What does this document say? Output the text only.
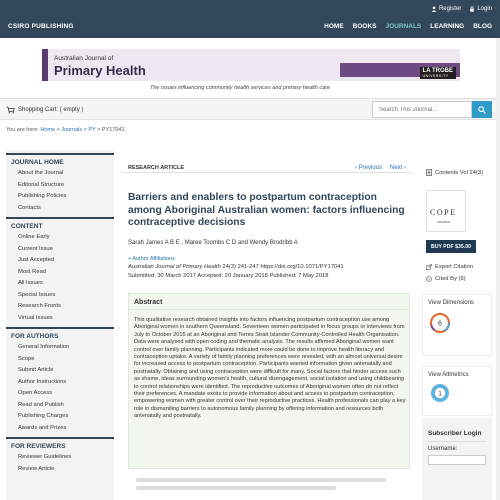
CSIRO PUBLISHING
Register	Login
HOME BOOKS JOURNALS LEARNING BLOG
Australian Journal of
Primary Health	LA TROBE
UNIVERSITY
The issues influencing community health services and primary health care
Shopping Cart: ( empty )
Search This Journal...
You are here: Home > Journals > PY > PY17041
JOURNAL HOME
About the Journal
Editorial Structure
Publishing Policies
Contacts
CONTENT
Online Early
Current Issue
Just Accepted
Most Read
All Issues
Special Issues
Research Fronts
Virtual Issues
FOR AUTHORS
General Information
Scope
Submit Article
Author Instructions
Open Access
Read and Publish
Publishing Charges
Awards and Prizes
FOR REVIEWERS
Reviewer Guidelines
Review Article
RESEARCH ARTICLE	‹ Previous Next ›
Contents Vol 24(3)
Barriers and enablers to postpartum contraception among Aboriginal Australian women: factors influencing contraceptive decisions
Sarah James A B E , Maree Toombs C D and Wendy Brodribb A
+ Author Affiliations
Australian Journal of Primary Health 24(3) 241-247 https://doi.org/10.1071/PY17041
Submitted: 30 March 2017 Accepted: 20 January 2018 Published: 7 May 2018
Abstract
This qualitative research obtained insights into factors influencing postpartum contraception use among Aboriginal women in southern Queensland. Seventeen women participated in focus groups or interviews from July to October 2015 at an Aboriginal and Torres Strait Islander Community-Controlled Health Organisation. Data were analysed with open coding and thematic analysis. The results affirmed Aboriginal women want control over family planning. Participants indicated more could be done to improve health literacy and contraception uptake. A variety of family planning preferences were revealed, with an almost universal desire for increased access to postpartum contraception. Participants wanted information given antenatally and postnatally. Obtaining and using contraception were difficult for many. Social factors that hinder access such as shame, ideas surrounding women's health, cultural disengagement, social isolation and using childbearing to control relationships were identified. The reproductive outcomes of Aboriginal women often do not reflect their preferences. A mandate exists to provide information about and access to postpartum contraception, empowering women with greater control over their reproductive practices. Health professionals can play a key role in dismantling barriers to autonomous family planning by offering information and resources both antenatally and postnatally.
COPE
MEMBER
BUY PDF $35.00
Export Citation
Cited By (6)
View Dimensions
6
View Altmetrics
1
Subscriber Login
Username:
